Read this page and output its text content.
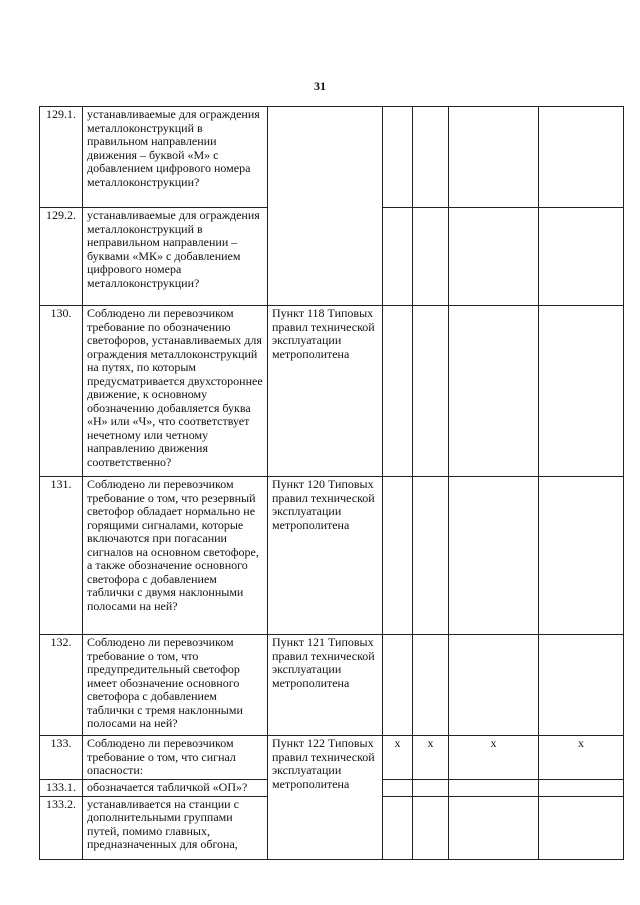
31
129.1.	устанавливаемые для ограждения металлоконструкций в правильном направлении движения – буквой «М» с добавлением цифрового номера металлоконструкции?					
129.2.	устанавливаемые для ограждения металлоконструкций в неправильном направлении – буквами «МК» с добавлением цифрового номера металлоконструкции?					
130.	Соблюдено ли перевозчиком требование по обозначению светофоров, устанавливаемых для ограждения металлоконструкций на путях, по которым предусматривается двухстороннее движение, к основному обозначению добавляется буква «Н» или «Ч», что соответствует нечетному или четному направлению движения соответственно?	Пункт 118 Типовых правил технической эксплуатации метрополитена				
131.	Соблюдено ли перевозчиком требование о том, что резервный светофор обладает нормально не горящими сигналами, которые включаются при погасании сигналов на основном светофоре, а также обозначение основного светофора с добавлением таблички с двумя наклонными полосами на ней?	Пункт 120 Типовых правил технической эксплуатации метрополитена				
132.	Соблюдено ли перевозчиком требование о том, что предупредительный светофор имеет обозначение основного светофора с добавлением таблички с тремя наклонными полосами на ней?	Пункт 121 Типовых правил технической эксплуатации метрополитена				
133.	Соблюдено ли перевозчиком требование о том, что сигнал опасности:	Пункт 122 Типовых правил технической эксплуатации метрополитена	х	х	х	х
133.1.	обозначается табличкой «ОП»?					
133.2.	устанавливается на станции с дополнительными группами путей, помимо главных, предназначенных для обгона,					
